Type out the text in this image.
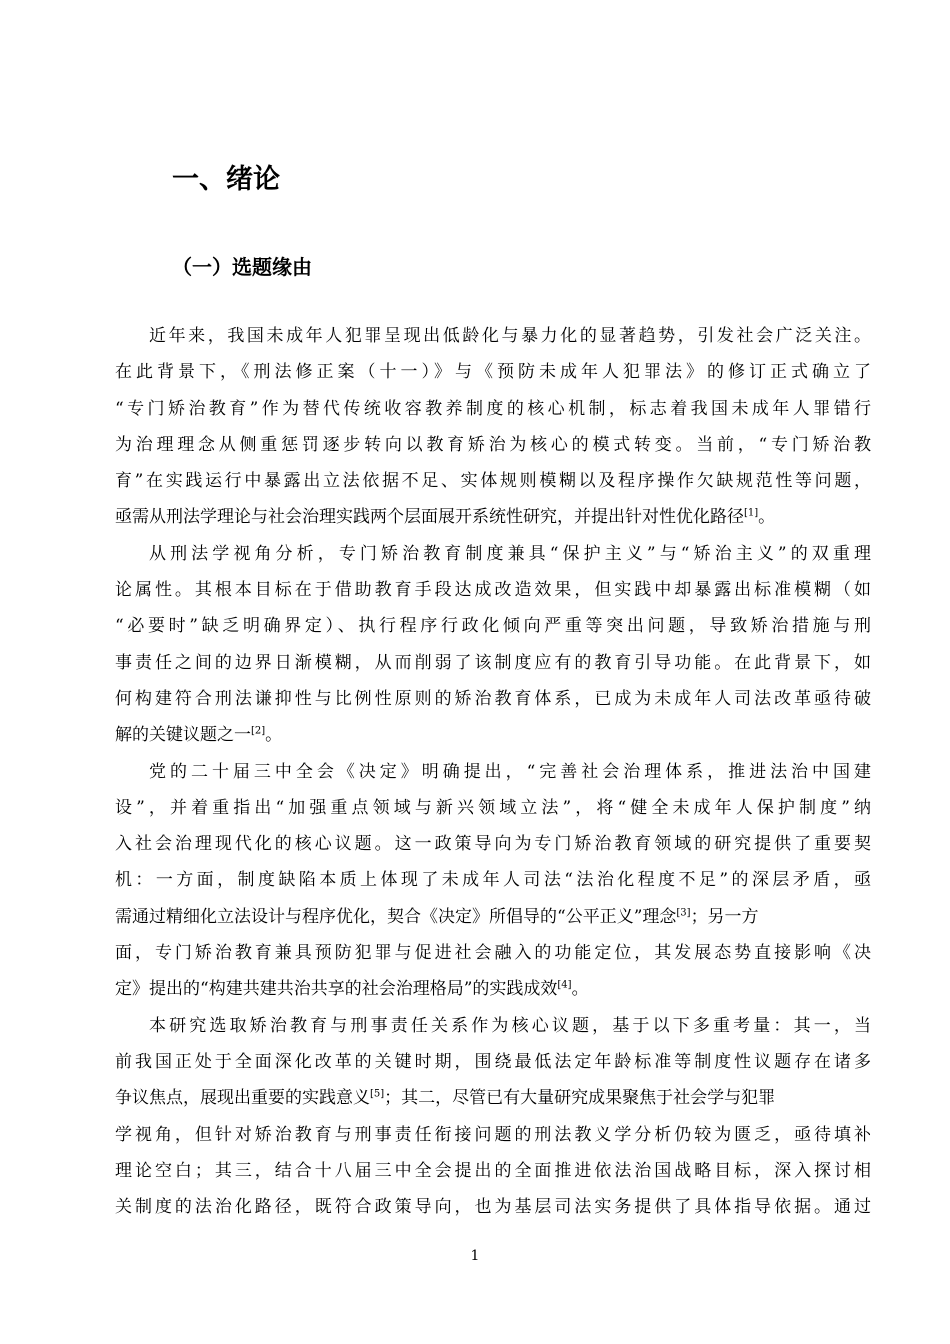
一、绪论
（一）选题缘由
近年来，我国未成年人犯罪呈现出低龄化与暴力化的显著趋势，引发社会广泛关注。
在此背景下，《刑法修正案（十一）》与《预防未成年人犯罪法》的修订正式确立了
“专门矫治教育”作为替代传统收容教养制度的核心机制，标志着我国未成年人罪错行
为治理理念从侧重惩罚逐步转向以教育矫治为核心的模式转变。当前，“专门矫治教
育”在实践运行中暴露出立法依据不足、实体规则模糊以及程序操作欠缺规范性等问题，
亟需从刑法学理论与社会治理实践两个层面展开系统性研究，并提出针对性优化路径[1]。
从刑法学视角分析，专门矫治教育制度兼具“保护主义”与“矫治主义”的双重理
论属性。其根本目标在于借助教育手段达成改造效果，但实践中却暴露出标准模糊（如
“必要时”缺乏明确界定）、执行程序行政化倾向严重等突出问题，导致矫治措施与刑
事责任之间的边界日渐模糊，从而削弱了该制度应有的教育引导功能。在此背景下，如
何构建符合刑法谦抑性与比例性原则的矫治教育体系，已成为未成年人司法改革亟待破
解的关键议题之一[2]。
党的二十届三中全会《决定》明确提出，“完善社会治理体系，推进法治中国建
设”，并着重指出“加强重点领域与新兴领域立法”，将“健全未成年人保护制度”纳
入社会治理现代化的核心议题。这一政策导向为专门矫治教育领域的研究提供了重要契
机：一方面，制度缺陷本质上体现了未成年人司法“法治化程度不足”的深层矛盾，亟
需通过精细化立法设计与程序优化，契合《决定》所倡导的“公平正义”理念[3]；另一方
面，专门矫治教育兼具预防犯罪与促进社会融入的功能定位，其发展态势直接影响《决
定》提出的“构建共建共治共享的社会治理格局”的实践成效[4]。
本研究选取矫治教育与刑事责任关系作为核心议题，基于以下多重考量：其一，当
前我国正处于全面深化改革的关键时期，围绕最低法定年龄标准等制度性议题存在诸多
争议焦点，展现出重要的实践意义[5]；其二，尽管已有大量研究成果聚焦于社会学与犯罪
学视角，但针对矫治教育与刑事责任衔接问题的刑法教义学分析仍较为匮乏，亟待填补
理论空白；其三，结合十八届三中全会提出的全面推进依法治国战略目标，深入探讨相
关制度的法治化路径，既符合政策导向，也为基层司法实务提供了具体指导依据。通过
1
